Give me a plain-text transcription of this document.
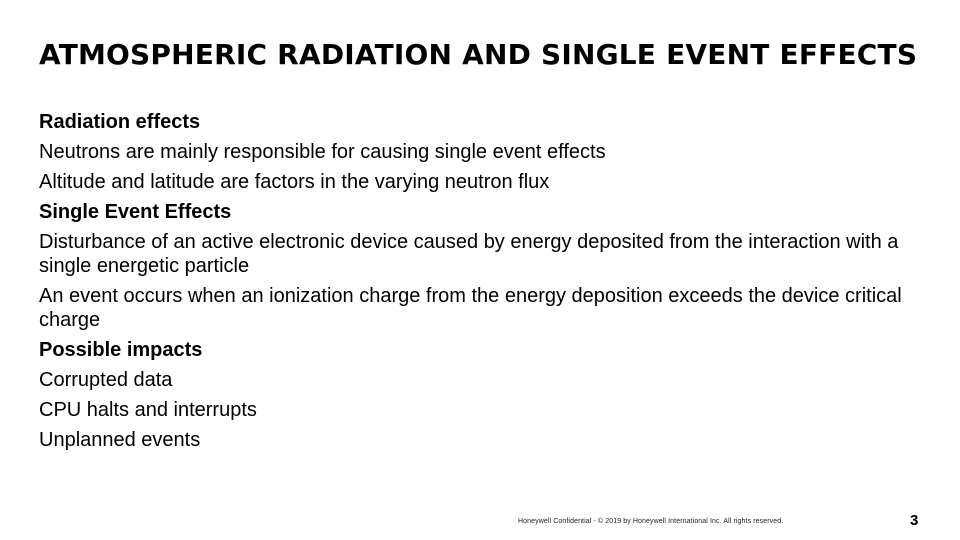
ATMOSPHERIC RADIATION AND SINGLE EVENT EFFECTS
Radiation effects
Neutrons are mainly responsible for causing single event effects
Altitude and latitude are factors in the varying neutron flux
Single Event Effects
Disturbance of an active electronic device caused by energy deposited from the interaction with a single energetic particle
An event occurs when an ionization charge from the energy deposition exceeds the device critical charge
Possible impacts
Corrupted data
CPU halts and interrupts
Unplanned events
Honeywell Confidential - © 2019 by Honeywell International Inc. All rights reserved.	3
